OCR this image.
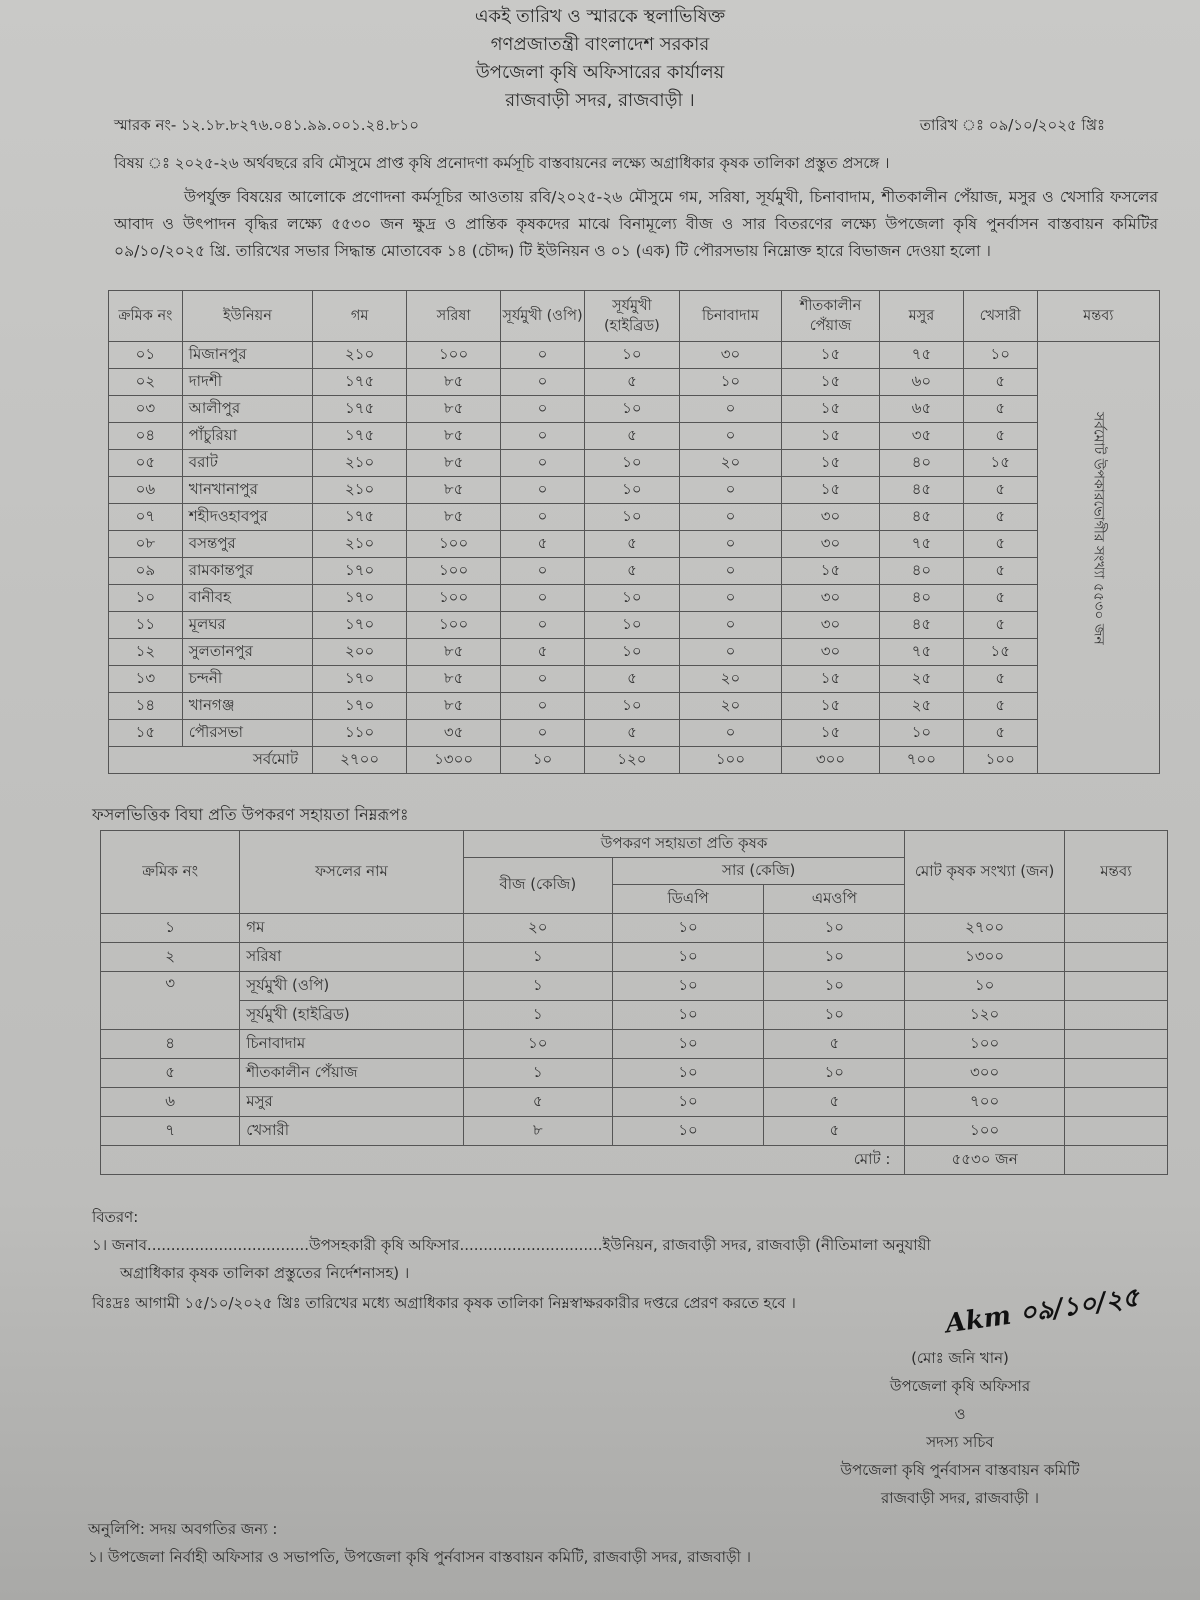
একই তারিখ ও স্মারকে স্থলাভিষিক্ত
গণপ্রজাতন্ত্রী বাংলাদেশ সরকার
উপজেলা কৃষি অফিসারের কার্যালয়
রাজবাড়ী সদর, রাজবাড়ী ।
স্মারক নং- ১২.১৮.৮২৭৬.০৪১.৯৯.০০১.২৪.৮১০	তারিখ ঃ ০৯/১০/২০২৫ খ্রিঃ
বিষয় ঃ ২০২৫-২৬ অর্থবছরে রবি মৌসুমে প্রাপ্ত কৃষি প্রনোদণা কর্মসূচি বাস্তবায়নের লক্ষ্যে অগ্রাধিকার কৃষক তালিকা প্রস্তুত প্রসঙ্গে ।
উপর্যুক্ত বিষয়ের আলোকে প্রণোদনা কর্মসূচির আওতায় রবি/২০২৫-২৬ মৌসুমে গম, সরিষা, সূর্যমুখী, চিনাবাদাম, শীতকালীন পেঁয়াজ, মসুর ও খেসারি ফসলের আবাদ ও উৎপাদন বৃদ্ধির লক্ষ্যে ৫৫৩০ জন ক্ষুদ্র ও প্রান্তিক কৃষকদের মাঝে বিনামূল্যে বীজ ও সার বিতরণের লক্ষ্যে উপজেলা কৃষি পুনর্বাসন বাস্তবায়ন কমিটির ০৯/১০/২০২৫ খ্রি. তারিখের সভার সিদ্ধান্ত মোতাবেক ১৪ (চৌদ্দ) টি ইউনিয়ন ও ০১ (এক) টি পৌরসভায় নিম্নোক্ত হারে বিভাজন দেওয়া হলো ।
ক্রমিক নং	ইউনিয়ন	গম	সরিষা	সূর্যমুখী (ওপি)	সূর্যমুখী (হাইব্রিড)	চিনাবাদাম	শীতকালীন পেঁয়াজ	মসুর	খেসারী	মন্তব্য
০১	মিজানপুর	২১০	১০০	০	১০	৩০	১৫	৭৫	১০	সর্বমোট উপকারভোগীর সংখ্যা ৫৫৩০ জন
০২	দাদশী	১৭৫	৮৫	০	৫	১০	১৫	৬০	৫	
০৩	আলীপুর	১৭৫	৮৫	০	১০	০	১৫	৬৫	৫	
০৪	পাঁচুরিয়া	১৭৫	৮৫	০	৫	০	১৫	৩৫	৫	
০৫	বরাট	২১০	৮৫	০	১০	২০	১৫	৪০	১৫	
০৬	খানখানাপুর	২১০	৮৫	০	১০	০	১৫	৪৫	৫	
০৭	শহীদওহাবপুর	১৭৫	৮৫	০	১০	০	৩০	৪৫	৫	
০৮	বসন্তপুর	২১০	১০০	৫	৫	০	৩০	৭৫	৫	
০৯	রামকান্তপুর	১৭০	১০০	০	৫	০	১৫	৪০	৫	
১০	বানীবহ	১৭০	১০০	০	১০	০	৩০	৪০	৫	
১১	মূলঘর	১৭০	১০০	০	১০	০	৩০	৪৫	৫	
১২	সুলতানপুর	২০০	৮৫	৫	১০	০	৩০	৭৫	১৫	
১৩	চন্দনী	১৭০	৮৫	০	৫	২০	১৫	২৫	৫	
১৪	খানগঞ্জ	১৭০	৮৫	০	১০	২০	১৫	২৫	৫	
১৫	পৌরসভা	১১০	৩৫	০	৫	০	১৫	১০	৫	
সর্বমোট		২৭০০	১৩০০	১০	১২০	১০০	৩০০	৭০০	১০০	
ফসলভিত্তিক বিঘা প্রতি উপকরণ সহায়তা নিম্নরূপঃ
ক্রমিক নং	ফসলের নাম	উপকরণ সহায়তা প্রতি কৃষক			মোট কৃষক সংখ্যা (জন)	মন্তব্য
		বীজ (কেজি)	সার (কেজি)			
			ডিএপি	এমওপি		
১	গম	২০	১০	১০	২৭০০	
২	সরিষা	১	১০	১০	১৩০০	
৩	সূর্যমুখী (ওপি)	১	১০	১০	১০	
	সূর্যমুখী (হাইব্রিড)	১	১০	১০	১২০	
৪	চিনাবাদাম	১০	১০	৫	১০০	
৫	শীতকালীন পেঁয়াজ	১	১০	১০	৩০০	
৬	মসুর	৫	১০	৫	৭০০	
৭	খেসারী	৮	১০	৫	১০০	
মোট :					৫৫৩০ জন	
বিতরণ:
১। জনাব..................................উপসহকারী কৃষি অফিসার..............................ইউনিয়ন, রাজবাড়ী সদর, রাজবাড়ী (নীতিমালা অনুযায়ী
অগ্রাধিকার কৃষক তালিকা প্রস্তুতের নির্দেশনাসহ) ।
বিঃদ্রঃ আগামী ১৫/১০/২০২৫ খ্রিঃ তারিখের মধ্যে অগ্রাধিকার কৃষক তালিকা নিম্নস্বাক্ষরকারীর দপ্তরে প্রেরণ করতে হবে ।	Akm ০৯/১০/২৫
(মোঃ জনি খান)
উপজেলা কৃষি অফিসার
ও
সদস্য সচিব
উপজেলা কৃষি পুর্নবাসন বাস্তবায়ন কমিটি
রাজবাড়ী সদর, রাজবাড়ী ।
অনুলিপি: সদয় অবগতির জন্য :
১। উপজেলা নির্বাহী অফিসার ও সভাপতি, উপজেলা কৃষি পুর্নবাসন বাস্তবায়ন কমিটি, রাজবাড়ী সদর, রাজবাড়ী ।
